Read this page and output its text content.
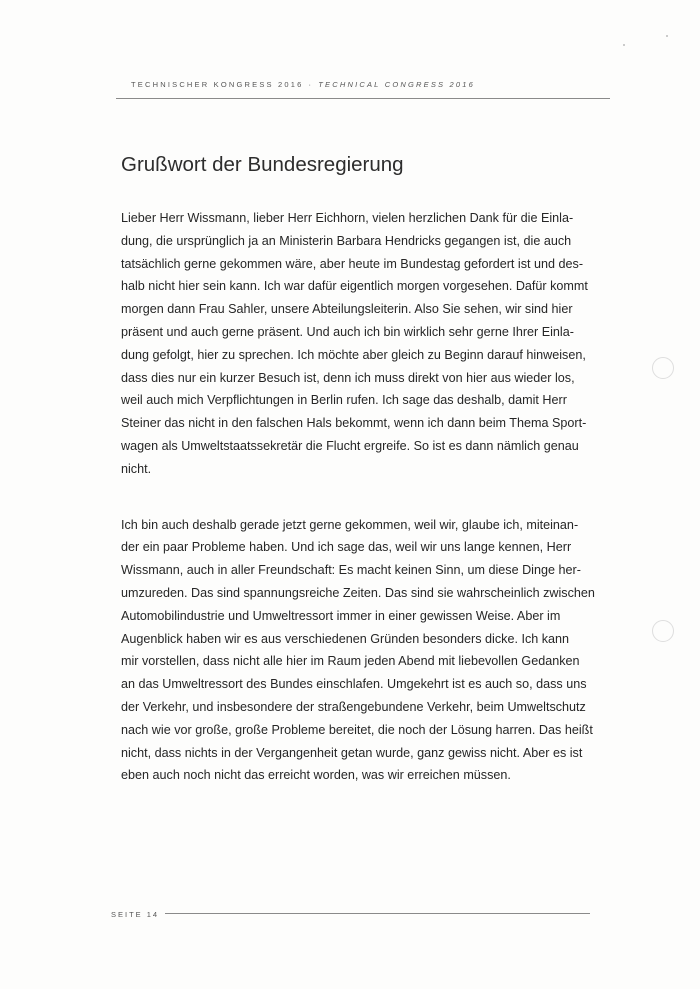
TECHNISCHER KONGRESS 2016 · TECHNICAL CONGRESS 2016
Grußwort der Bundesregierung
Lieber Herr Wissmann, lieber Herr Eichhorn, vielen herzlichen Dank für die Einla-
dung, die ursprünglich ja an Ministerin Barbara Hendricks gegangen ist, die auch
tatsächlich gerne gekommen wäre, aber heute im Bundestag gefordert ist und des-
halb nicht hier sein kann. Ich war dafür eigentlich morgen vorgesehen. Dafür kommt
morgen dann Frau Sahler, unsere Abteilungsleiterin. Also Sie sehen, wir sind hier
präsent und auch gerne präsent. Und auch ich bin wirklich sehr gerne Ihrer Einla-
dung gefolgt, hier zu sprechen. Ich möchte aber gleich zu Beginn darauf hinweisen,
dass dies nur ein kurzer Besuch ist, denn ich muss direkt von hier aus wieder los,
weil auch mich Verpflichtungen in Berlin rufen. Ich sage das deshalb, damit Herr
Steiner das nicht in den falschen Hals bekommt, wenn ich dann beim Thema Sport-
wagen als Umweltstaatssekretär die Flucht ergreife. So ist es dann nämlich genau
nicht.
Ich bin auch deshalb gerade jetzt gerne gekommen, weil wir, glaube ich, miteinan-
der ein paar Probleme haben. Und ich sage das, weil wir uns lange kennen, Herr
Wissmann, auch in aller Freundschaft: Es macht keinen Sinn, um diese Dinge her-
umzureden. Das sind spannungsreiche Zeiten. Das sind sie wahrscheinlich zwischen
Automobilindustrie und Umweltressort immer in einer gewissen Weise. Aber im
Augenblick haben wir es aus verschiedenen Gründen besonders dicke. Ich kann
mir vorstellen, dass nicht alle hier im Raum jeden Abend mit liebevollen Gedanken
an das Umweltressort des Bundes einschlafen. Umgekehrt ist es auch so, dass uns
der Verkehr, und insbesondere der straßengebundene Verkehr, beim Umweltschutz
nach wie vor große, große Probleme bereitet, die noch der Lösung harren. Das heißt
nicht, dass nichts in der Vergangenheit getan wurde, ganz gewiss nicht. Aber es ist
eben auch noch nicht das erreicht worden, was wir erreichen müssen.
SEITE 14
